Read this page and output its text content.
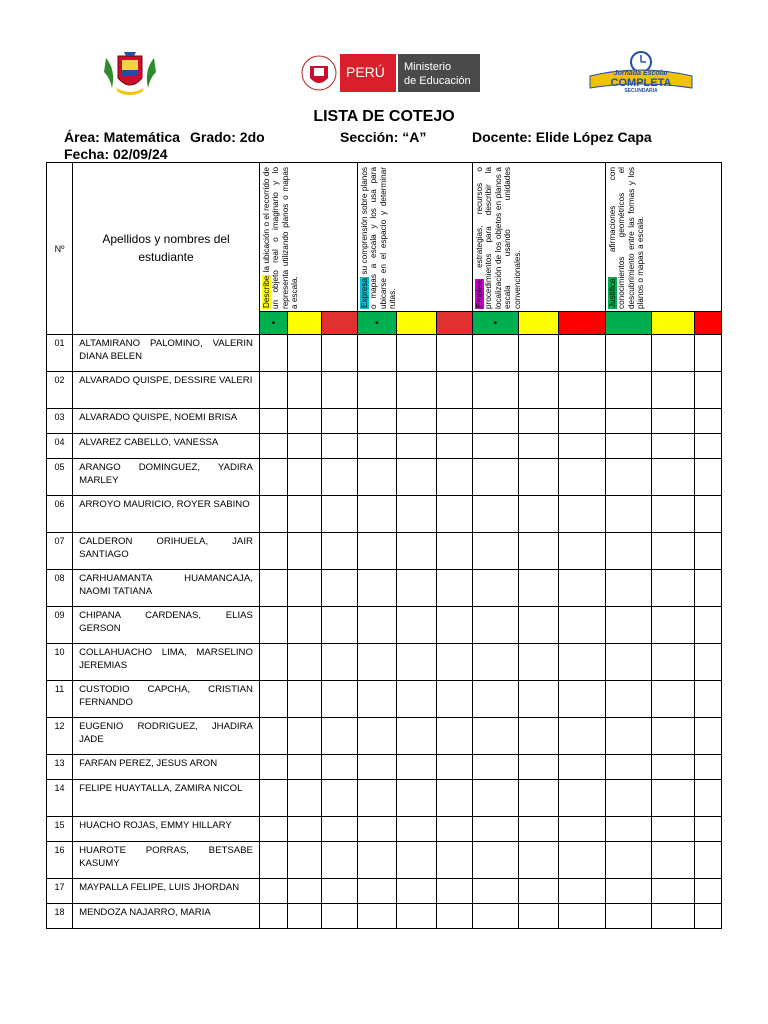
PERÚ Ministerio
de Educación
Jornada Escolar
COMPLETA
SECUNDARIA
LISTA DE COTEJO
Área: Matemática Grado: 2do	Sección: “A”	Docente: Elide López Capa
Fecha: 02/09/24
Nº	Apellidos y nombres del estudiante	Describe la ubicación o el recorrido de un objeto real o imaginario y lo representa utilizando planos o mapas a escala.			Expresa su comprensión sobre planos o mapas a escala y los usa para ubicarse en el espacio y determinar rutas.			Emplea estrategias, recursos o procedimientos para describir la localización de los objetos en planos a escala usando unidades convencionales.			Justifica afirmaciones con conocimientos geométricos el descubrimiento entre las formas y los planos o mapas a escala.		

		•			•			•					
01	ALTAMIRANO PALOMINO, VALERIN DIANA BELEN												
02	ALVARADO QUISPE, DESSIRE VALERI												
03	ALVARADO QUISPE, NOEMI BRISA												
04	ALVAREZ CABELLO, VANESSA												
05	ARANGO DOMINGUEZ, YADIRA MARLEY												
06	ARROYO MAURICIO, ROYER SABINO												
07	CALDERON ORIHUELA, JAIR SANTIAGO												
08	CARHUAMANTA HUAMANCAJA, NAOMI TATIANA												
09	CHIPANA CARDENAS, ELIAS GERSON												
10	COLLAHUACHO LIMA, MARSELINO JEREMIAS												
11	CUSTODIO CAPCHA, CRISTIAN FERNANDO												
12	EUGENIO RODRIGUEZ, JHADIRA JADE												
13	FARFAN PEREZ, JESUS ARON												
14	FELIPE HUAYTALLA, ZAMIRA NICOL												
15	HUACHO ROJAS, EMMY HILLARY												
16	HUAROTE PORRAS, BETSABE KASUMY												
17	MAYPALLA FELIPE, LUIS JHORDAN												
18	MENDOZA NAJARRO, MARIA												
